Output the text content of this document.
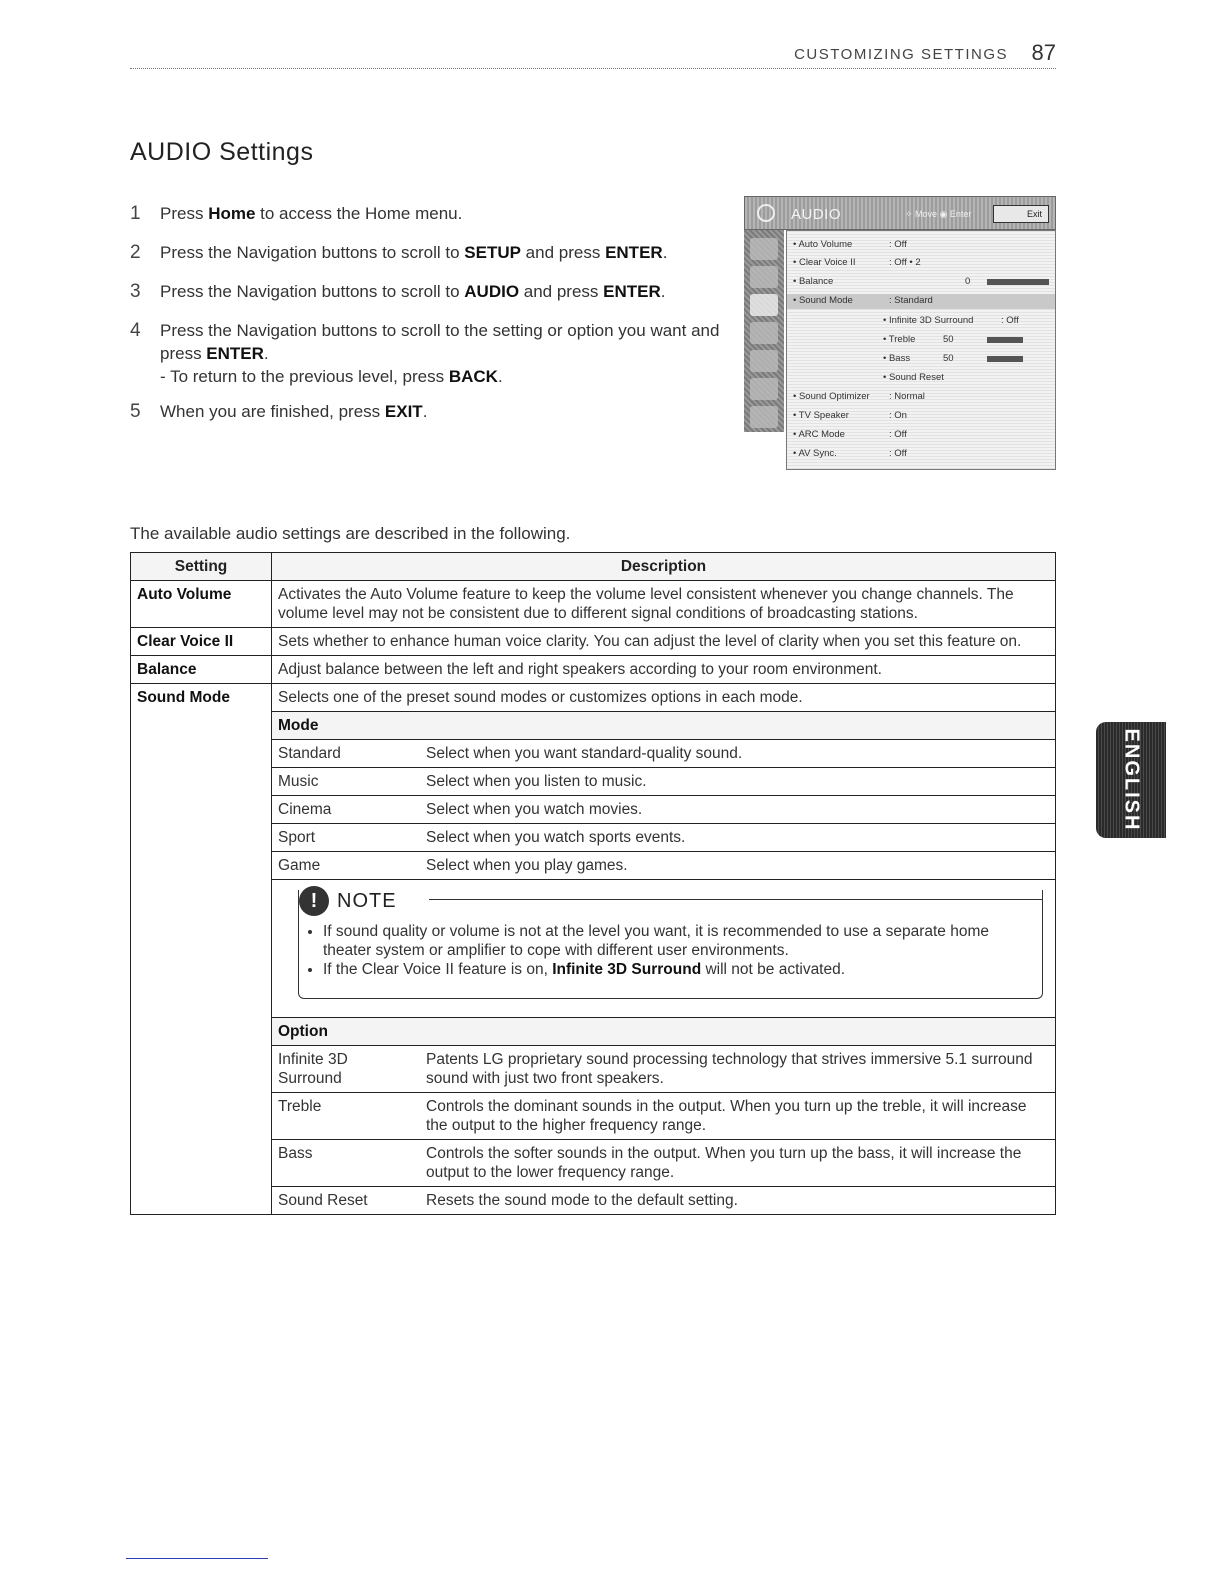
CUSTOMIZING SETTINGS 87
AUDIO Settings
1 Press Home to access the Home menu.
2 Press the Navigation buttons to scroll to SETUP and press ENTER.
3 Press the Navigation buttons to scroll to AUDIO and press ENTER.
4 Press the Navigation buttons to scroll to the setting or option you want and press ENTER.
- To return to the previous level, press BACK.
5 When you are finished, press EXIT.
AUDIO	✧ Move ◉ Enter	Exit
• Auto Volume	: Off
• Clear Voice II	: Off • 2
• Balance	0
• Sound Mode	: Standard
• Infinite 3D Surround	: Off
• Treble	50
• Bass	50
• Sound Reset
• Sound Optimizer : Normal
• TV Speaker	: On
• ARC Mode	: Off
• AV Sync.	: Off
The available audio settings are described in the following.
Setting	Description
Auto Volume	Activates the Auto Volume feature to keep the volume level consistent whenever you change channels. The volume level may not be consistent due to different signal conditions of broadcasting stations.
Clear Voice II	Sets whether to enhance human voice clarity. You can adjust the level of clarity when you set this feature on.
Balance	Adjust balance between the left and right speakers according to your room environment.
Sound Mode		Selects one of the preset sound modes or customizes options in each mode.
Mode
Standard	Select when you want standard-quality sound.
Music	Select when you listen to music.
Cinema	Select when you watch movies.
Sport	Select when you watch sports events.
Game	Select when you play games.

! NOTE
• If sound quality or volume is not at the level you want, it is recommended to use a separate home theater system or amplifier to cope with different user environments.
• If the Clear Voice II feature is on, Infinite 3D Surround will not be activated.

Option
Infinite 3D Surround	Patents LG proprietary sound processing technology that strives immersive 5.1 surround sound with just two front speakers.
Treble	Controls the dominant sounds in the output. When you turn up the treble, it will increase the output to the higher frequency range.
Bass	Controls the softer sounds in the output. When you turn up the bass, it will increase the output to the lower frequency range.
Sound Reset	Resets the sound mode to the default setting.
ENGLISH
